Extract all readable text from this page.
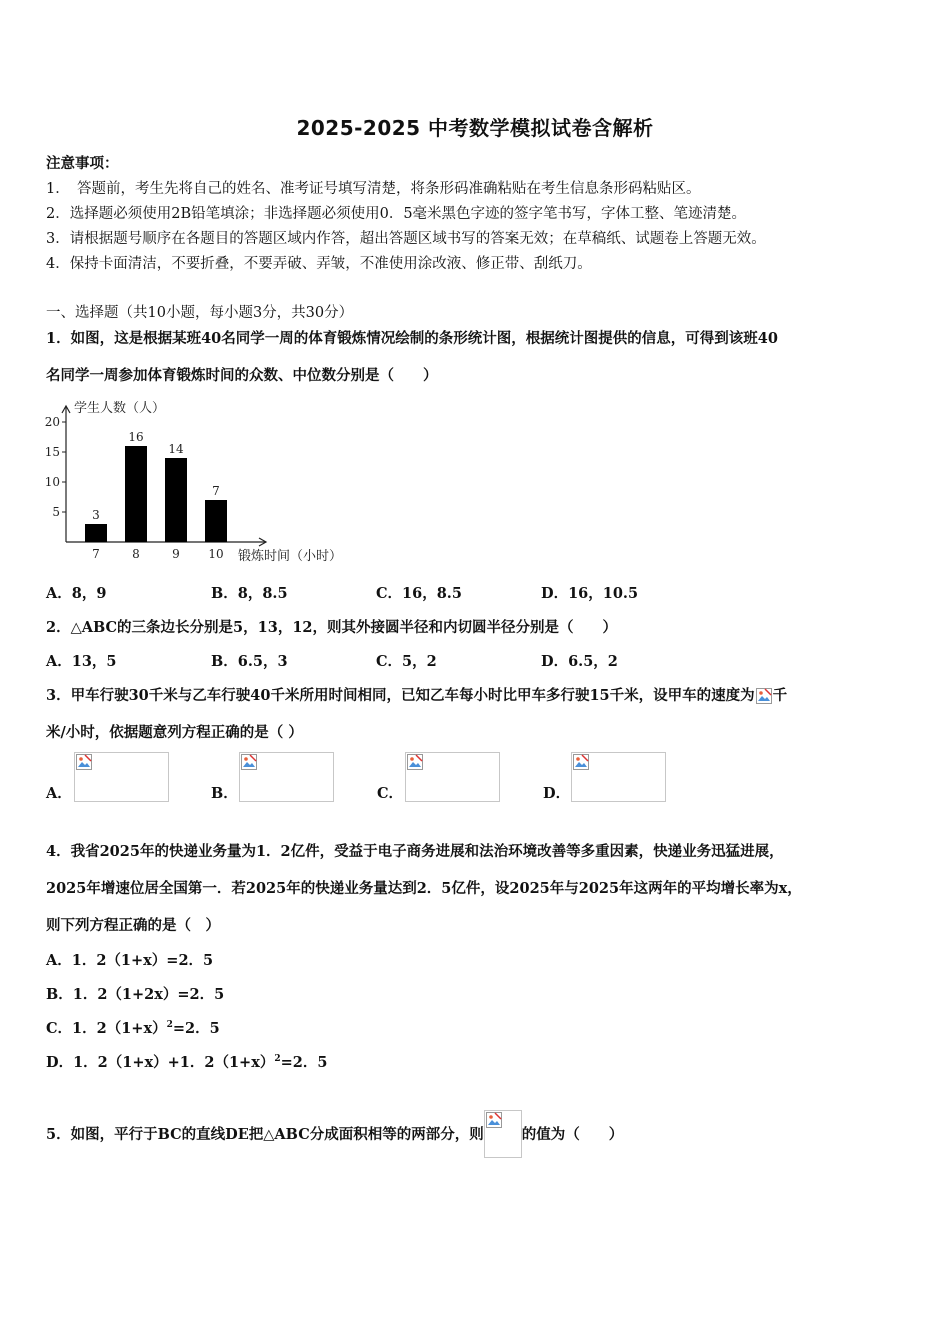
2025-2025 中考数学模拟试卷含解析
注意事项：
1．　答题前，考生先将自己的姓名、准考证号填写清楚，将条形码准确粘贴在考生信息条形码粘贴区。
2．选择题必须使用2B铅笔填涂；非选择题必须使用0．5毫米黑色字迹的签字笔书写，字体工整、笔迹清楚。
3．请根据题号顺序在各题目的答题区域内作答，超出答题区域书写的答案无效；在草稿纸、试题卷上答题无效。
4．保持卡面清洁，不要折叠，不要弄破、弄皱，不准使用涂改液、修正带、刮纸刀。
一、选择题（共10小题，每小题3分，共30分）
1．如图，这是根据某班40名同学一周的体育锻炼情况绘制的条形统计图，根据统计图提供的信息，可得到该班40
名同学一周参加体育锻炼时间的众数、中位数分别是（　　）
5
10
15
20
学生人数（人）
3
7
16
8
14
9
7
10 锻炼时间（小时）
A．8，9	B．8，8.5	C．16，8.5	D．16，10.5
2．△ABC的三条边长分别是5，13，12，则其外接圆半径和内切圆半径分别是（　　）
A．13，5	B．6.5，3	C．5，2	D．6.5，2
3．甲车行驶30千米与乙车行驶40千米所用时间相同，已知乙车每小时比甲车多行驶15千米，设甲车的速度为 千
米/小时，依据题意列方程正确的是（ ）
A．	B．	C．	D．
4．我省2025年的快递业务量为1．2亿件，受益于电子商务进展和法治环境改善等多重因素，快递业务迅猛进展，
2025年增速位居全国第一．若2025年的快递业务量达到2．5亿件，设2025年与2025年这两年的平均增长率为x，
则下列方程正确的是（　）
A．1．2（1+x）=2．5
B．1．2（1+2x）=2．5
C．1．$2(1+x)^2=2$．5
D．1．2（1+x）+1．$2(1+x)^2=2$．5
5．如图，平行于BC的直线DE把△ABC分成面积相等的两部分，则	的值为（　　）
